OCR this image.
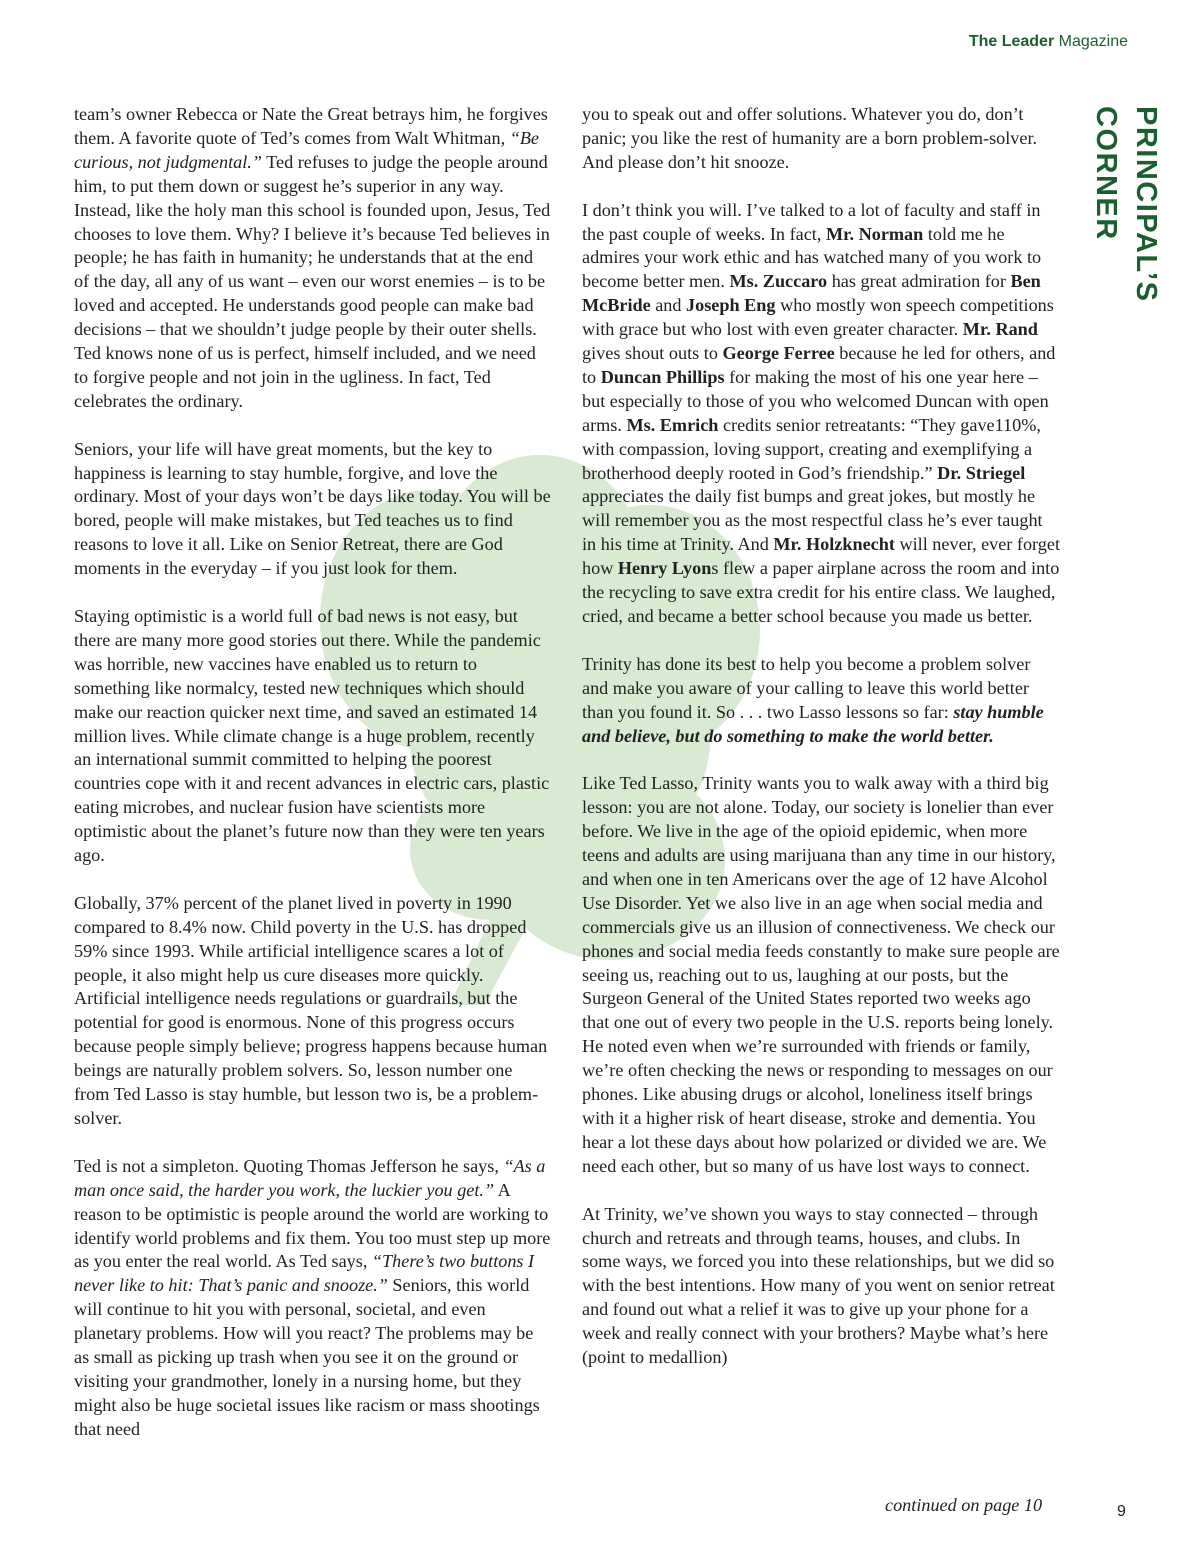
The Leader Magazine
PRINCIPAL’S CORNER

team’s owner Rebecca or Nate the Great betrays him, he forgives them. A favorite quote of Ted’s comes from Walt Whitman, “Be curious, not judgmental.” Ted refuses to judge the people around him, to put them down or suggest he’s superior in any way. Instead, like the holy man this school is founded upon, Jesus, Ted chooses to love them. Why? I believe it’s because Ted believes in people; he has faith in humanity; he understands that at the end of the day, all any of us want – even our worst enemies – is to be loved and accepted. He understands good people can make bad decisions – that we shouldn’t judge people by their outer shells. Ted knows none of us is perfect, himself included, and we need to forgive people and not join in the ugliness. In fact, Ted celebrates the ordinary.

Seniors, your life will have great moments, but the key to happiness is learning to stay humble, forgive, and love the ordinary. Most of your days won’t be days like today. You will be bored, people will make mistakes, but Ted teaches us to find reasons to love it all. Like on Senior Retreat, there are God moments in the everyday – if you just look for them.

Staying optimistic is a world full of bad news is not easy, but there are many more good stories out there. While the pandemic was horrible, new vaccines have enabled us to return to something like normalcy, tested new techniques which should make our reaction quicker next time, and saved an estimated 14 million lives. While climate change is a huge problem, recently an international summit committed to helping the poorest countries cope with it and recent advances in electric cars, plastic eating microbes, and nuclear fusion have scientists more optimistic about the planet’s future now than they were ten years ago.

Globally, 37% percent of the planet lived in poverty in 1990 compared to 8.4% now. Child poverty in the U.S. has dropped 59% since 1993. While artificial intelligence scares a lot of people, it also might help us cure diseases more quickly. Artificial intelligence needs regulations or guardrails, but the potential for good is enormous. None of this progress occurs because people simply believe; progress happens because human beings are naturally problem solvers. So, lesson number one from Ted Lasso is stay humble, but lesson two is, be a problem-solver.

Ted is not a simpleton. Quoting Thomas Jefferson he says, “As a man once said, the harder you work, the luckier you get.” A reason to be optimistic is people around the world are working to identify world problems and fix them. You too must step up more as you enter the real world. As Ted says, “There’s two buttons I never like to hit: That’s panic and snooze.” Seniors, this world will continue to hit you with personal, societal, and even planetary problems. How will you react? The problems may be as small as picking up trash when you see it on the ground or visiting your grandmother, lonely in a nursing home, but they might also be huge societal issues like racism or mass shootings that need

you to speak out and offer solutions. Whatever you do, don’t panic; you like the rest of humanity are a born problem-solver. And please don’t hit snooze.

I don’t think you will. I’ve talked to a lot of faculty and staff in the past couple of weeks. In fact, Mr. Norman told me he admires your work ethic and has watched many of you work to become better men. Ms. Zuccaro has great admiration for Ben McBride and Joseph Eng who mostly won speech competitions with grace but who lost with even greater character. Mr. Rand gives shout outs to George Ferree because he led for others, and to Duncan Phillips for making the most of his one year here – but especially to those of you who welcomed Duncan with open arms. Ms. Emrich credits senior retreatants: “They gave110%, with compassion, loving support, creating and exemplifying a brotherhood deeply rooted in God’s friendship.” Dr. Striegel appreciates the daily fist bumps and great jokes, but mostly he will remember you as the most respectful class he’s ever taught in his time at Trinity. And Mr. Holzknecht will never, ever forget how Henry Lyons flew a paper airplane across the room and into the recycling to save extra credit for his entire class. We laughed, cried, and became a better school because you made us better.

Trinity has done its best to help you become a problem solver and make you aware of your calling to leave this world better than you found it. So . . . two Lasso lessons so far: stay humble and believe, but do something to make the world better.

Like Ted Lasso, Trinity wants you to walk away with a third big lesson: you are not alone. Today, our society is lonelier than ever before. We live in the age of the opioid epidemic, when more teens and adults are using marijuana than any time in our history, and when one in ten Americans over the age of 12 have Alcohol Use Disorder. Yet we also live in an age when social media and commercials give us an illusion of connectiveness. We check our phones and social media feeds constantly to make sure people are seeing us, reaching out to us, laughing at our posts, but the Surgeon General of the United States reported two weeks ago that one out of every two people in the U.S. reports being lonely. He noted even when we’re surrounded with friends or family, we’re often checking the news or responding to messages on our phones. Like abusing drugs or alcohol, loneliness itself brings with it a higher risk of heart disease, stroke and dementia. You hear a lot these days about how polarized or divided we are. We need each other, but so many of us have lost ways to connect.

At Trinity, we’ve shown you ways to stay connected – through church and retreats and through teams, houses, and clubs. In some ways, we forced you into these relationships, but we did so with the best intentions. How many of you went on senior retreat and found out what a relief it was to give up your phone for a week and really connect with your brothers? Maybe what’s here (point to medallion)

continued on page 10	9
